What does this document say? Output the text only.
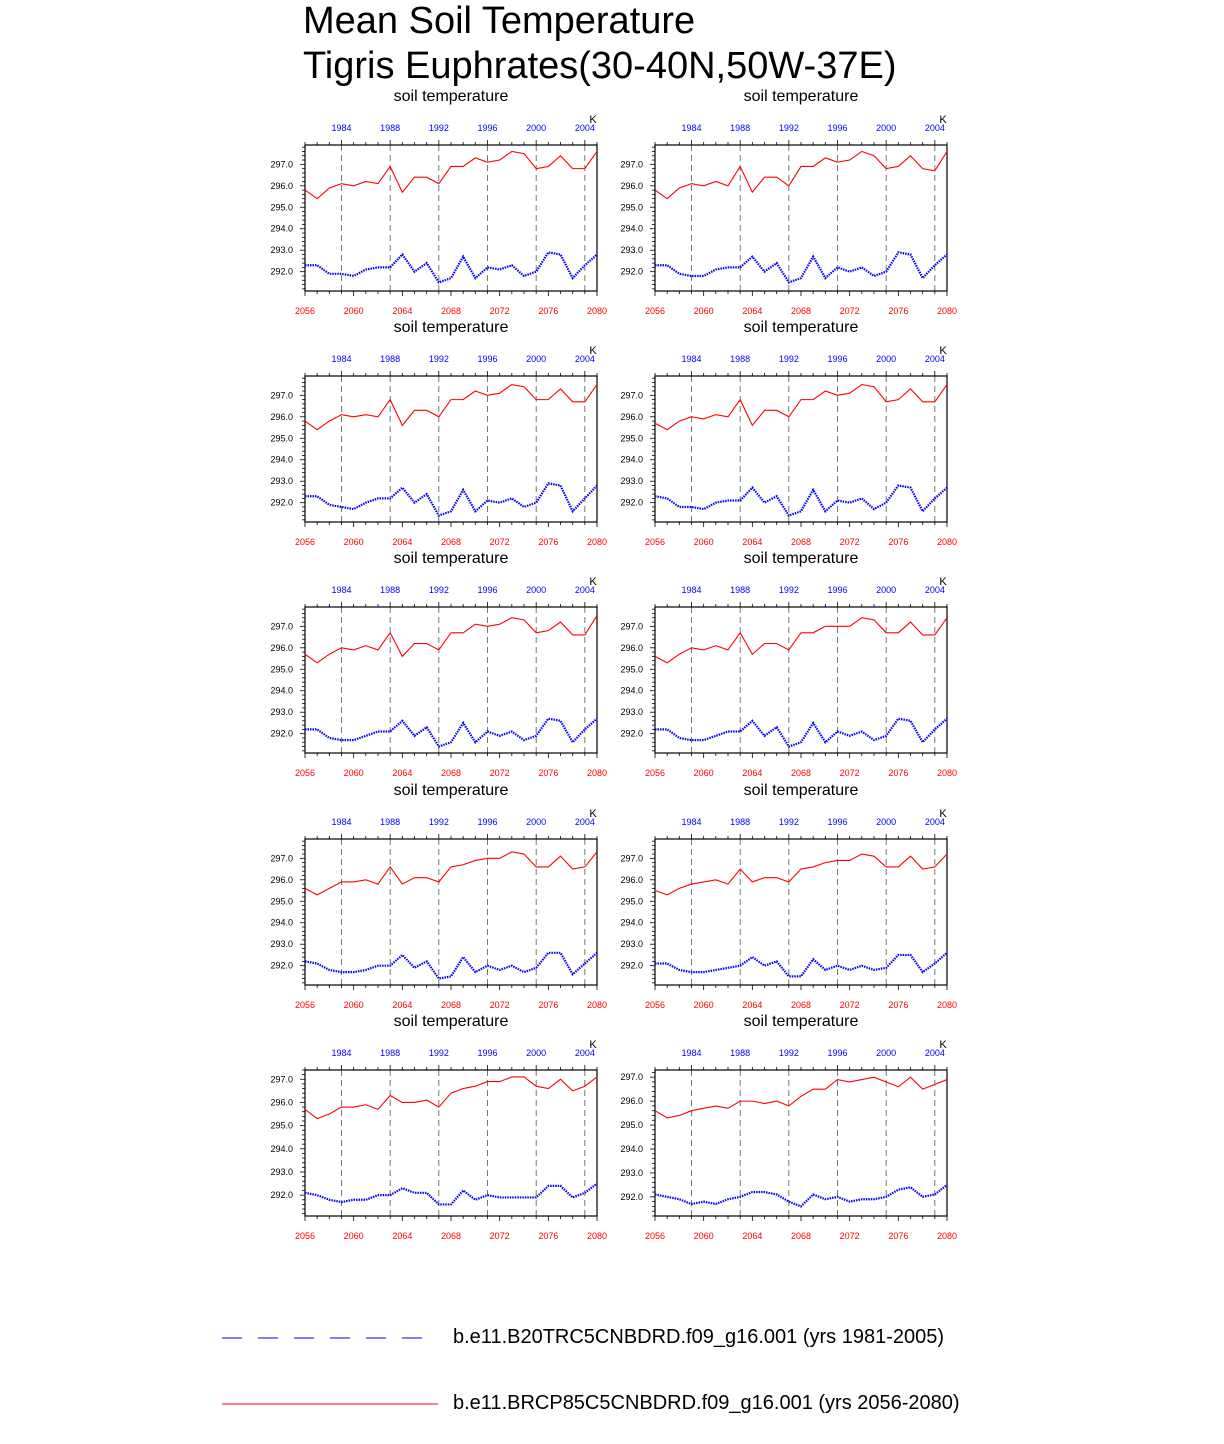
Mean Soil Temperature
Tigris Euphrates(30-40N,50W-37E)
soil temperature
K
2056	2060	2064	2068	2072	2076	2080
1984	1988	1992	1996	2000	2004
292.0
293.0
294.0
295.0
296.0
297.0
soil temperature
K
2056	2060	2064	2068	2072	2076	2080
1984	1988	1992	1996	2000	2004
292.0
293.0
294.0
295.0
296.0
297.0
soil temperature
K
2056	2060	2064	2068	2072	2076	2080
1984	1988	1992	1996	2000	2004
292.0
293.0
294.0
295.0
296.0
297.0
soil temperature
K
2056	2060	2064	2068	2072	2076	2080
1984	1988	1992	1996	2000	2004
292.0
293.0
294.0
295.0
296.0
297.0
soil temperature
K
2056	2060	2064	2068	2072	2076	2080
1984	1988	1992	1996	2000	2004
292.0
293.0
294.0
295.0
296.0
297.0
soil temperature
K
2056	2060	2064	2068	2072	2076	2080
1984	1988	1992	1996	2000	2004
292.0
293.0
294.0
295.0
296.0
297.0
soil temperature
K
2056	2060	2064	2068	2072	2076	2080
1984	1988	1992	1996	2000	2004
292.0
293.0
294.0
295.0
296.0
297.0
soil temperature
K
2056	2060	2064	2068	2072	2076	2080
1984	1988	1992	1996	2000	2004
292.0
293.0
294.0
295.0
296.0
297.0
soil temperature
K
2056	2060	2064	2068	2072	2076	2080
1984	1988	1992	1996	2000	2004
292.0
293.0
294.0
295.0
296.0
297.0
soil temperature
K
2056	2060	2064	2068	2072	2076	2080
1984	1988	1992	1996	2000	2004
292.0
293.0
294.0
295.0
296.0
297.0
b.e11.B20TRC5CNBDRD.f09_g16.001 (yrs 1981-2005)
b.e11.BRCP85C5CNBDRD.f09_g16.001 (yrs 2056-2080)
